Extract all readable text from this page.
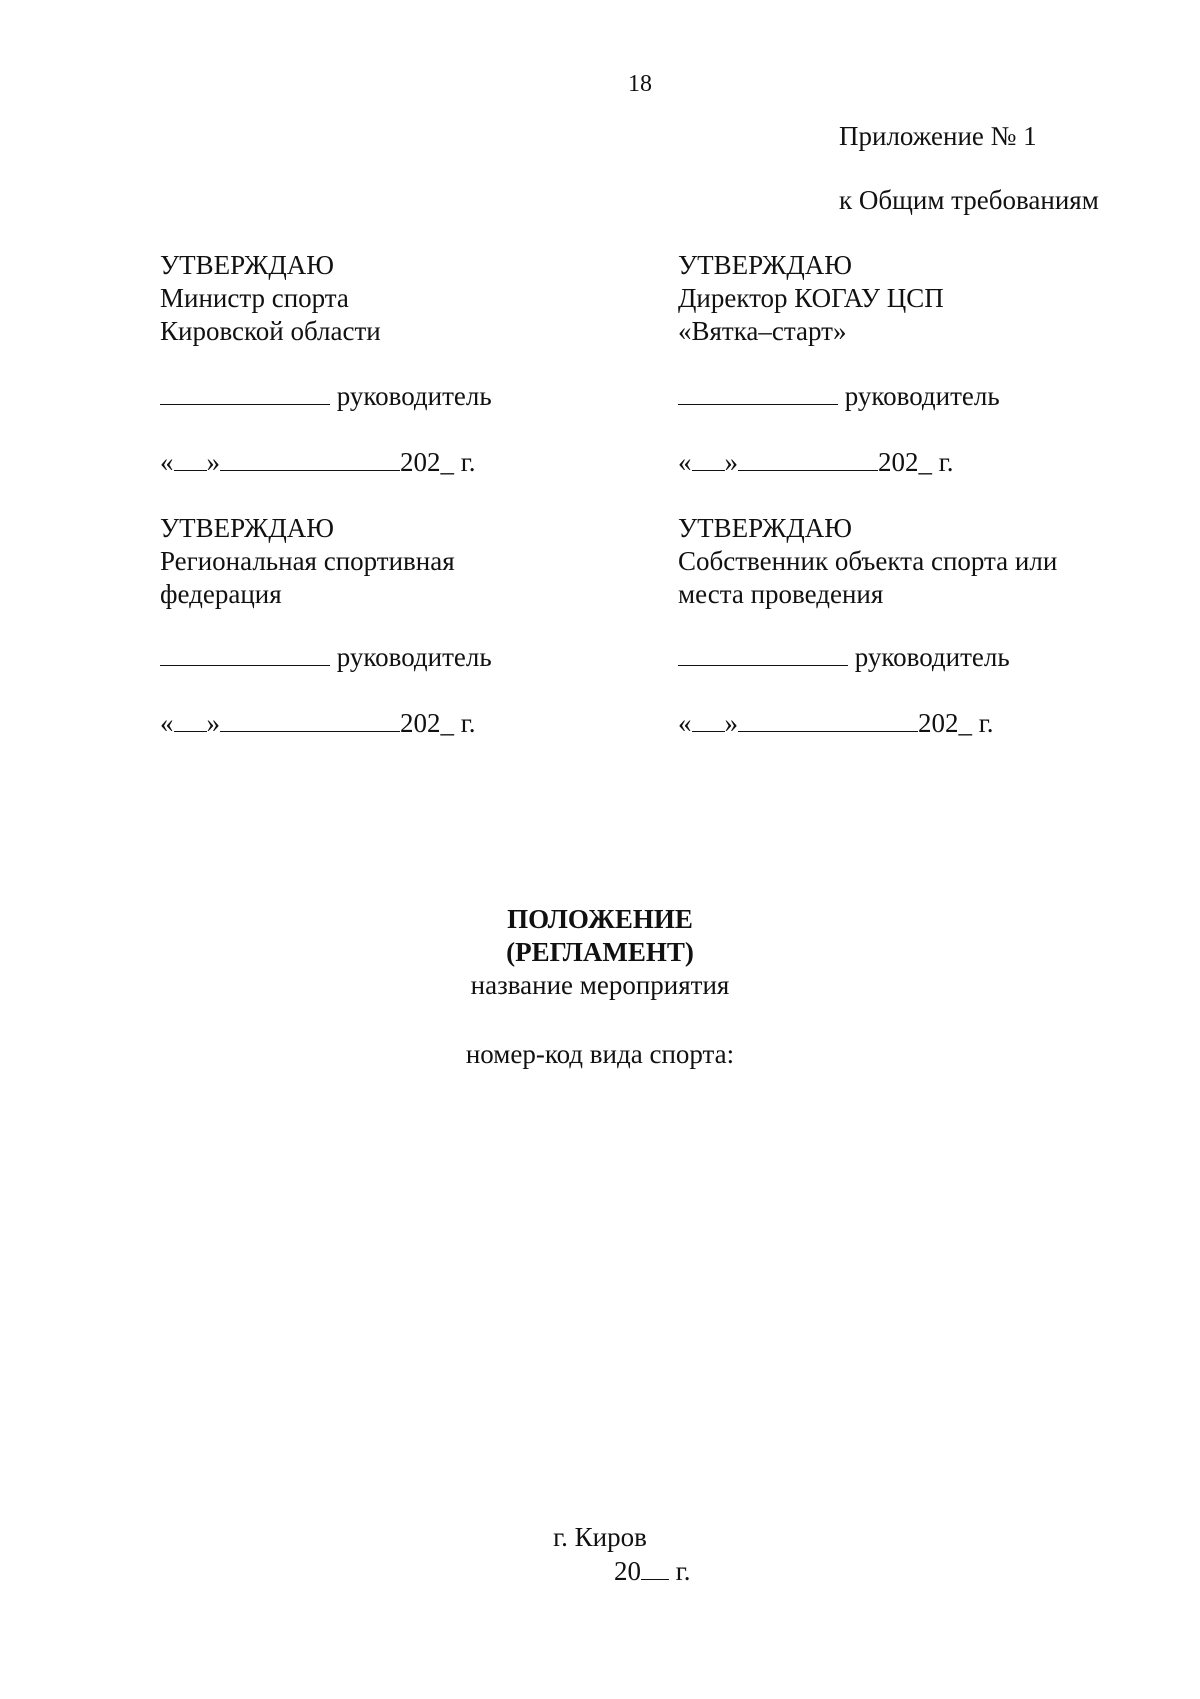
18
Приложение № 1
к Общим требованиям
УТВЕРЖДАЮ
Министр спорта
Кировской области
руководитель
« »	202_ г.
УТВЕРЖДАЮ
Директор КОГАУ ЦСП
«Вятка–старт»
руководитель
« »	202_ г.
УТВЕРЖДАЮ
Региональная спортивная
федерация
руководитель
« »	202_ г.
УТВЕРЖДАЮ
Собственник объекта спорта или
места проведения
руководитель
« »	202_ г.
ПОЛОЖЕНИЕ
(РЕГЛАМЕНТ)
название мероприятия
номер-код вида спорта:
г. Киров
20 г.
